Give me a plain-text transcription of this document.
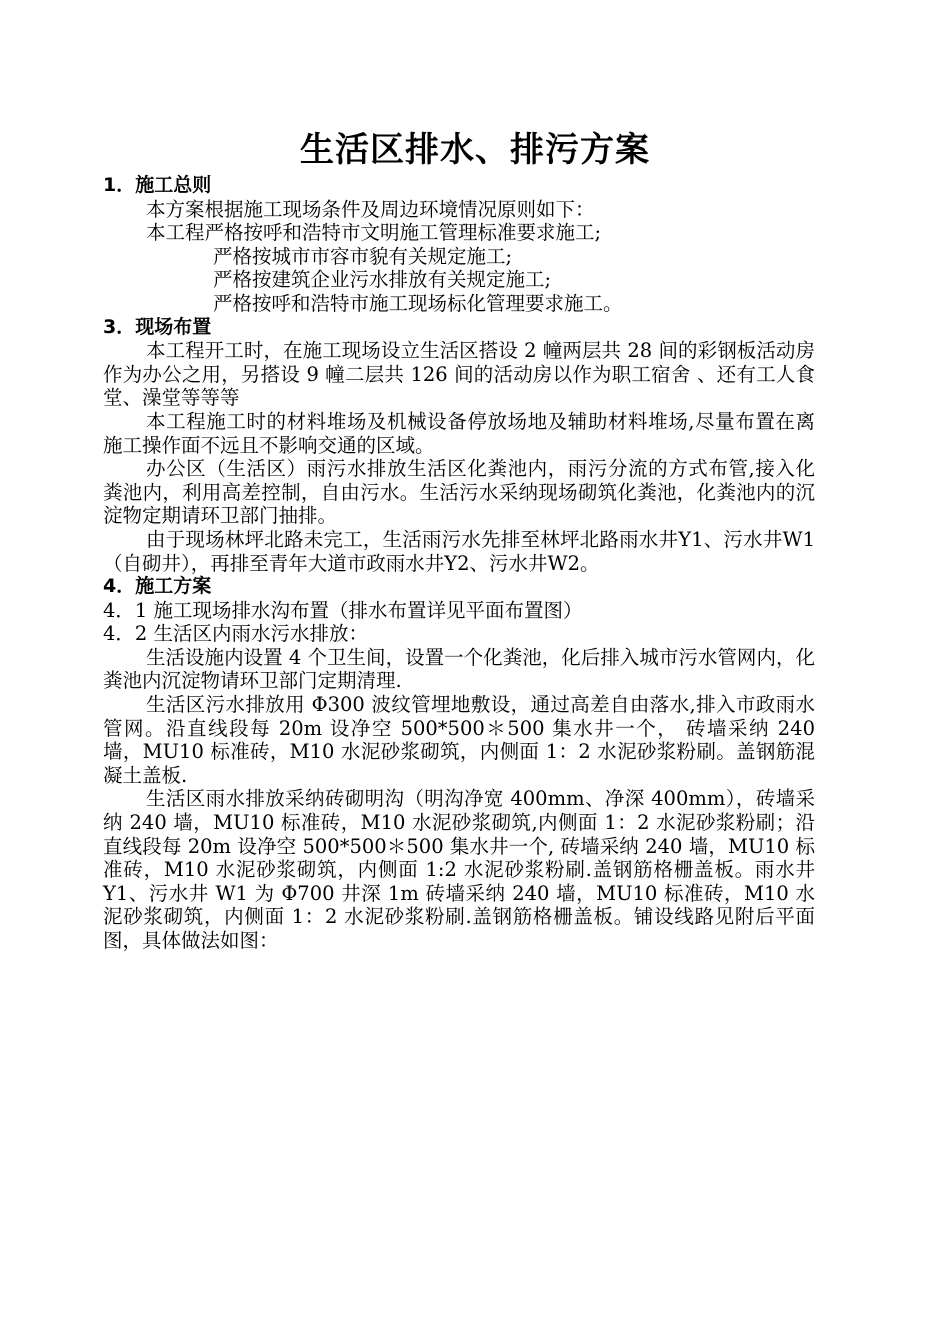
生活区排水、排污方案

1．施工总则

本方案根据施工现场条件及周边环境情况原则如下：

本工程严格按呼和浩特市文明施工管理标准要求施工;

严格按城市市容市貌有关规定施工;

严格按建筑企业污水排放有关规定施工;

严格按呼和浩特市施工现场标化管理要求施工。

3．现场布置

本工程开工时，在施工现场设立生活区搭设 2 幢两层共 28 间的彩钢板活动房作为办公之用，另搭设 9 幢二层共 126 间的活动房以作为职工宿舍 、还有工人食堂、澡堂等等等

本工程施工时的材料堆场及机械设备停放场地及辅助材料堆场,尽量布置在离施工操作面不远且不影响交通的区域。

办公区（生活区）雨污水排放生活区化粪池内，雨污分流的方式布管,接入化粪池内，利用高差控制，自由污水。生活污水采纳现场砌筑化粪池，化粪池内的沉淀物定期请环卫部门抽排。

由于现场林坪北路未完工，生活雨污水先排至林坪北路雨水井Y1、污水井W1（自砌井），再排至青年大道市政雨水井Y2、污水井W2。

4．施工方案

4．1 施工现场排水沟布置（排水布置详见平面布置图）

4．2 生活区内雨水污水排放：

生活设施内设置 4 个卫生间，设置一个化粪池，化后排入城市污水管网内，化粪池内沉淀物请环卫部门定期清理.

生活区污水排放用 Φ300 波纹管埋地敷设，通过高差自由落水,排入市政雨水管网。沿直线段每 20m 设净空 500*500＊500 集水井一个， 砖墙采纳 240 墙，MU10 标准砖，M10 水泥砂浆砌筑，内侧面 1：2 水泥砂浆粉刷。盖钢筋混凝土盖板.

生活区雨水排放采纳砖砌明沟（明沟净宽 400mm、净深 400mm），砖墙采纳 240 墙，MU10 标准砖，M10 水泥砂浆砌筑,内侧面 1：2 水泥砂浆粉刷；沿直线段每 20m 设净空 500*500＊500 集水井一个, 砖墙采纳 240 墙，MU10 标准砖，M10 水泥砂浆砌筑，内侧面 1:2 水泥砂浆粉刷.盖钢筋格栅盖板。雨水井 Y1、污水井 W1 为 Φ700 井深 1m 砖墙采纳 240 墙，MU10 标准砖，M10 水泥砂浆砌筑，内侧面 1：2 水泥砂浆粉刷.盖钢筋格栅盖板。铺设线路见附后平面图，具体做法如图：
